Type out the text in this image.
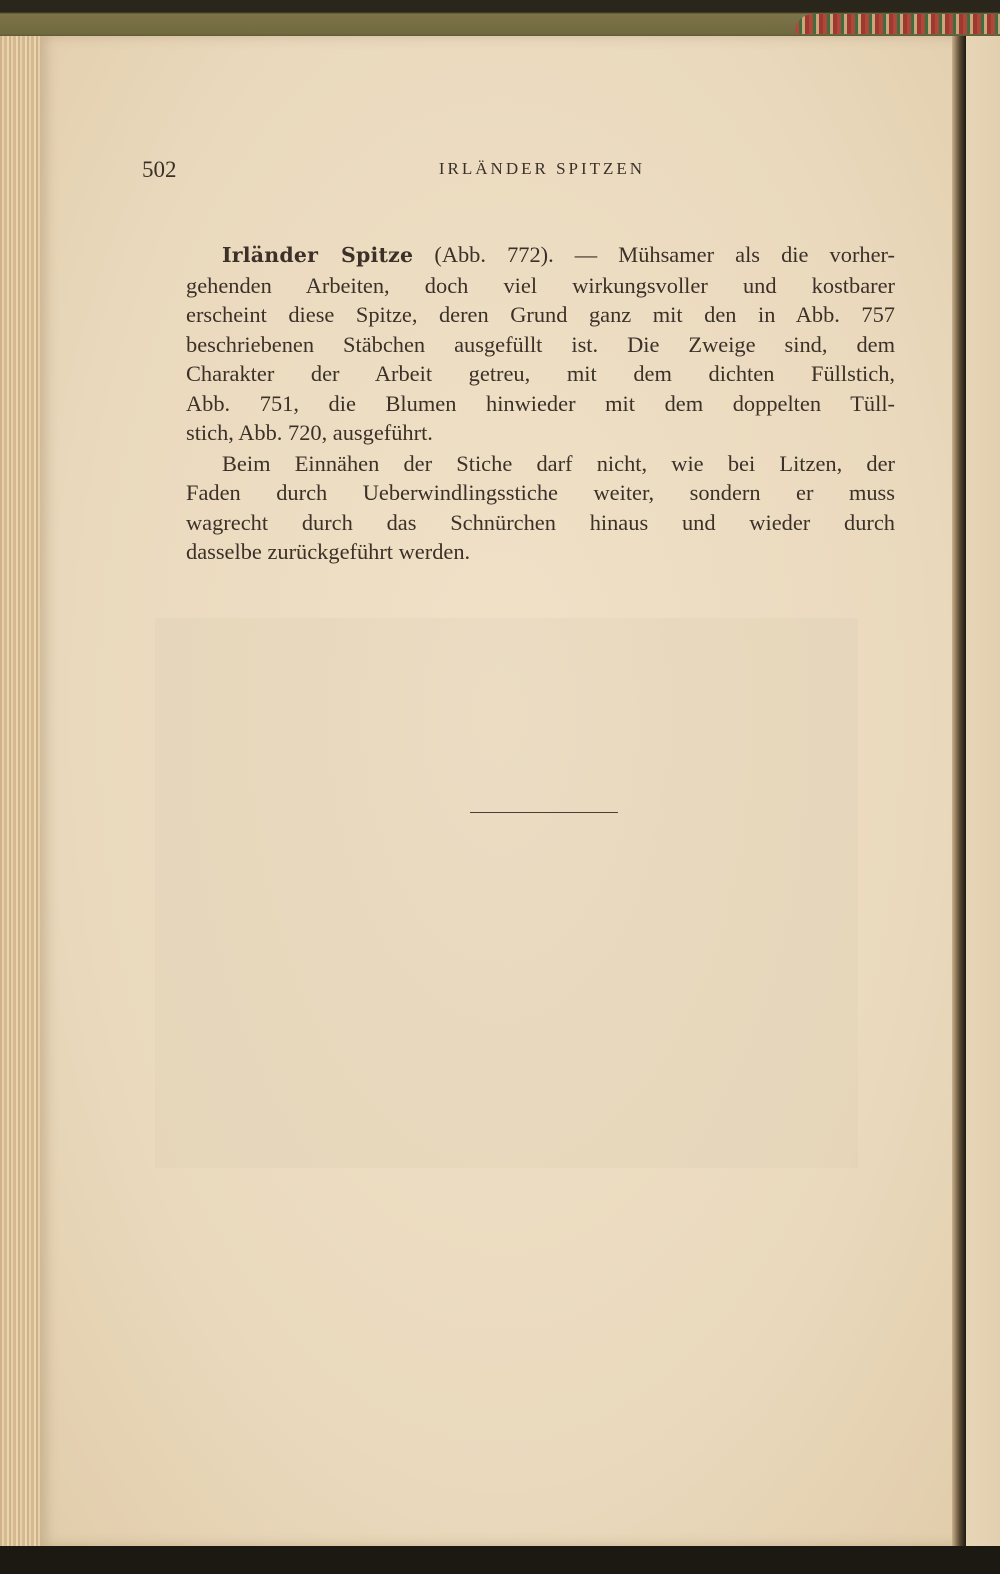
502	IRLÄNDER SPITZEN

Irländer Spitze (Abb. 772). — Mühsamer als die vorher-
gehenden Arbeiten, doch viel wirkungsvoller und kostbarer
erscheint diese Spitze, deren Grund ganz mit den in Abb. 757
beschriebenen Stäbchen ausgefüllt ist. Die Zweige sind, dem
Charakter der Arbeit getreu, mit dem dichten Füllstich,
Abb. 751, die Blumen hinwieder mit dem doppelten Tüll-
stich, Abb. 720, ausgeführt.

Beim Einnähen der Stiche darf nicht, wie bei Litzen, der
Faden durch Ueberwindlingsstiche weiter, sondern er muss
wagrecht durch das Schnürchen hinaus und wieder durch
dasselbe zurückgeführt werden.
